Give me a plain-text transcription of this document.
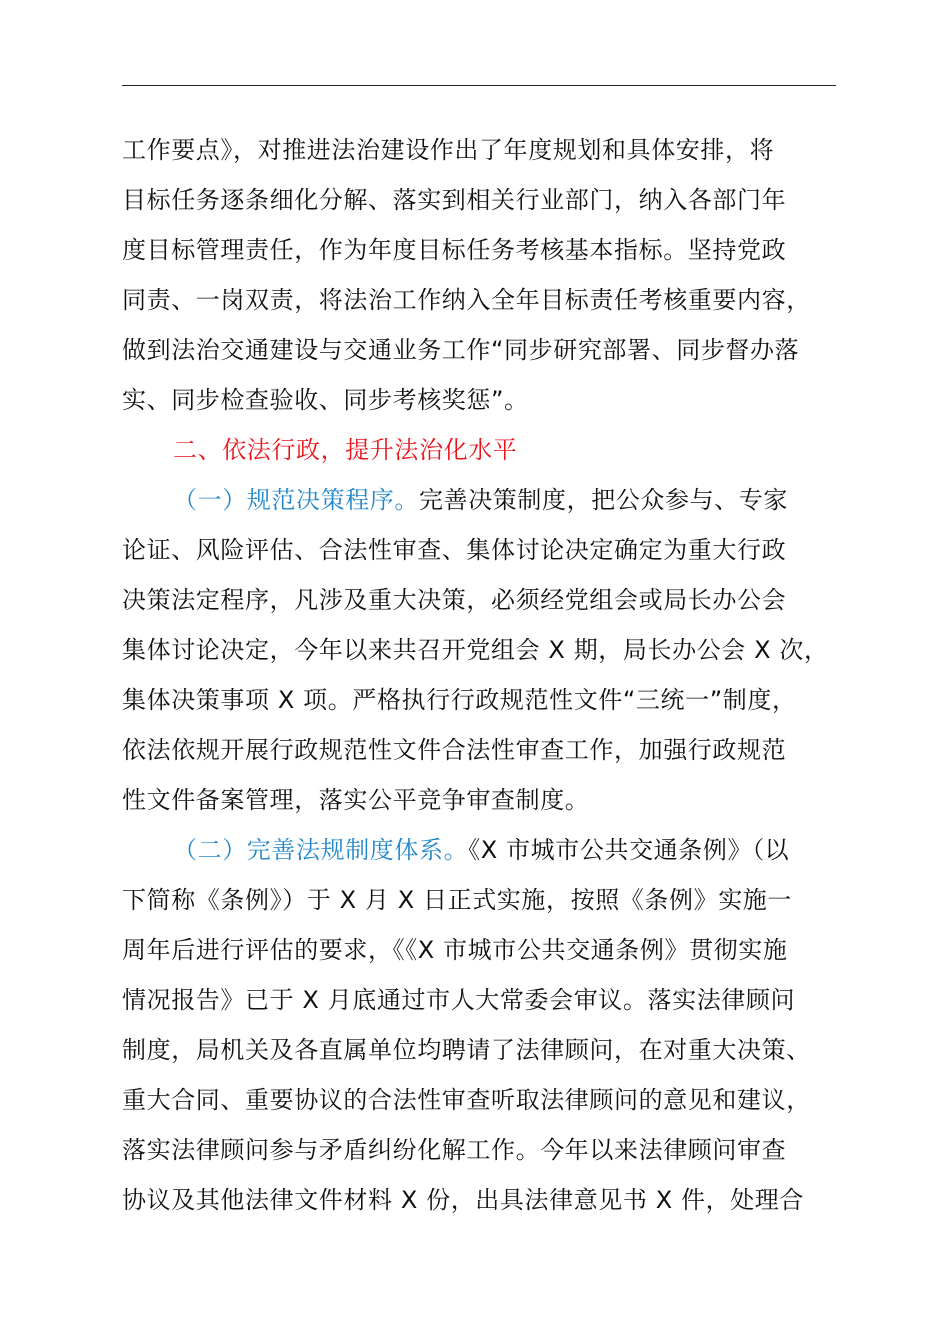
工作要点》，对推进法治建设作出了年度规划和具体安排，将
目标任务逐条细化分解、落实到相关行业部门，纳入各部门年
度目标管理责任，作为年度目标任务考核基本指标。坚持党政
同责、一岗双责，将法治工作纳入全年目标责任考核重要内容，
做到法治交通建设与交通业务工作“同步研究部署、同步督办落
实、同步检查验收、同步考核奖惩”。
二、依法行政，提升法治化水平
（一）规范决策程序。完善决策制度，把公众参与、专家
论证、风险评估、合法性审查、集体讨论决定确定为重大行政
决策法定程序，凡涉及重大决策，必须经党组会或局长办公会
集体讨论决定，今年以来共召开党组会 X 期，局长办公会 X 次，
集体决策事项 X 项。严格执行行政规范性文件“三统一”制度，
依法依规开展行政规范性文件合法性审查工作，加强行政规范
性文件备案管理，落实公平竞争审查制度。
（二）完善法规制度体系。《X 市城市公共交通条例》（以
下简称《条例》）于 X 月 X 日正式实施，按照《条例》实施一
周年后进行评估的要求，《《X 市城市公共交通条例》贯彻实施
情况报告》已于 X 月底通过市人大常委会审议。落实法律顾问
制度，局机关及各直属单位均聘请了法律顾问，在对重大决策、
重大合同、重要协议的合法性审查听取法律顾问的意见和建议，
落实法律顾问参与矛盾纠纷化解工作。今年以来法律顾问审查
协议及其他法律文件材料 X 份，出具法律意见书 X 件，处理合
